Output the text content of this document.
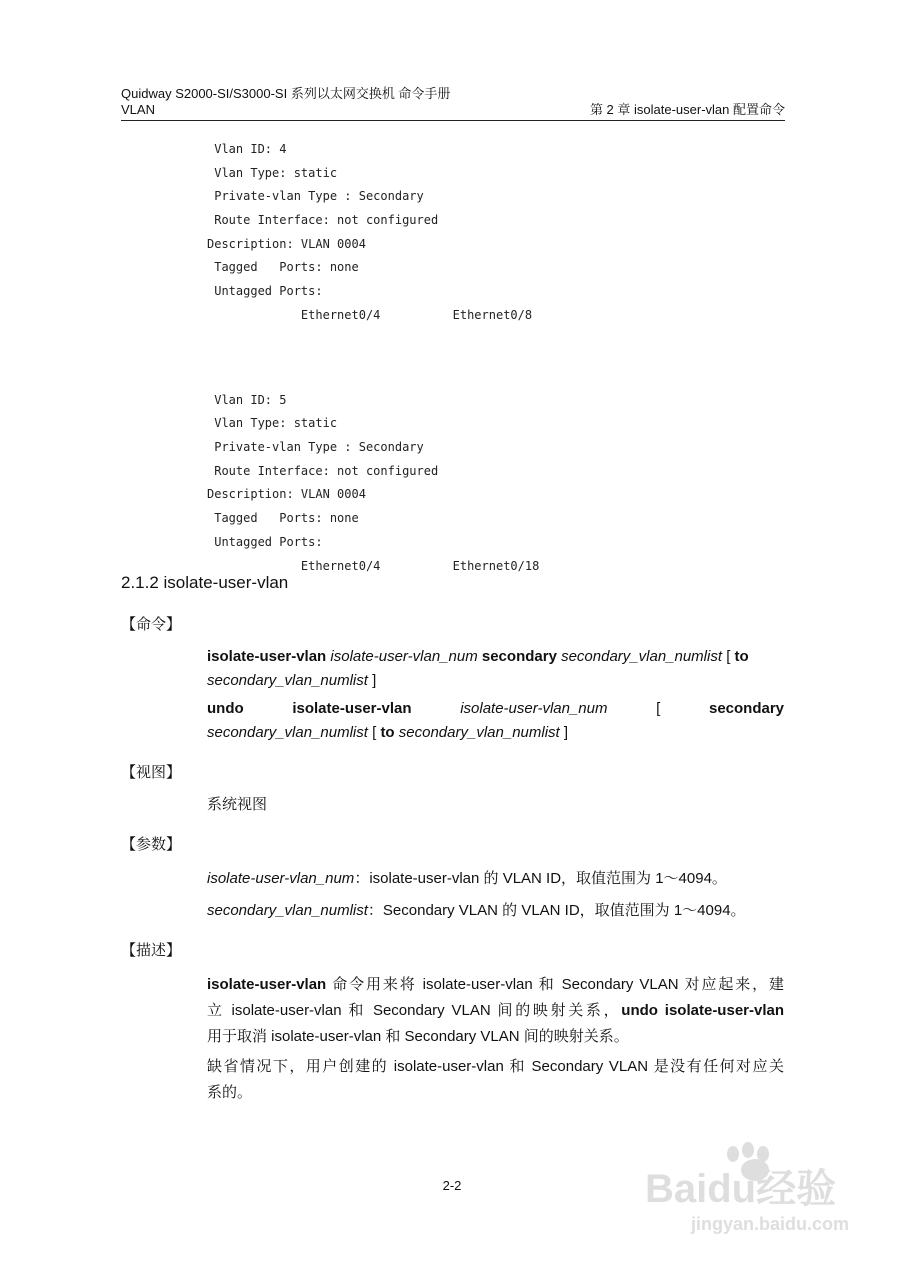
Quidway S2000-SI/S3000-SI 系列以太网交换机 命令手册
VLAN	第 2 章 isolate-user-vlan 配置命令
Vlan ID: 4
Vlan Type: static
Private-vlan Type : Secondary
Route Interface: not configured
Description: VLAN 0004
Tagged   Ports: none
Untagged Ports:
Ethernet0/4          Ethernet0/8
Vlan ID: 5
Vlan Type: static
Private-vlan Type : Secondary
Route Interface: not configured
Description: VLAN 0004
Tagged   Ports: none
Untagged Ports:
Ethernet0/4          Ethernet0/18
2.1.2 isolate-user-vlan
【命令】
isolate-user-vlan isolate-user-vlan_num secondary secondary_vlan_numlist [ to
secondary_vlan_numlist ]
undo	isolate-user-vlan	isolate-user-vlan_num	[	secondary
secondary_vlan_numlist [ to secondary_vlan_numlist ]
【视图】
系统视图
【参数】
isolate-user-vlan_num：isolate-user-vlan 的 VLAN ID，取值范围为 1～4094。
secondary_vlan_numlist：Secondary VLAN 的 VLAN ID，取值范围为 1～4094。
【描述】
isolate-user-vlan 命令用来将 isolate-user-vlan 和 Secondary VLAN 对应起来，建
立 isolate-user-vlan 和 Secondary VLAN 间的映射关系，undo isolate-user-vlan
用于取消 isolate-user-vlan 和 Secondary VLAN 间的映射关系。
缺省情况下，用户创建的 isolate-user-vlan 和 Secondary VLAN 是没有任何对应关
系的。
2-2	Baidu经验
jingyan.baidu.com
